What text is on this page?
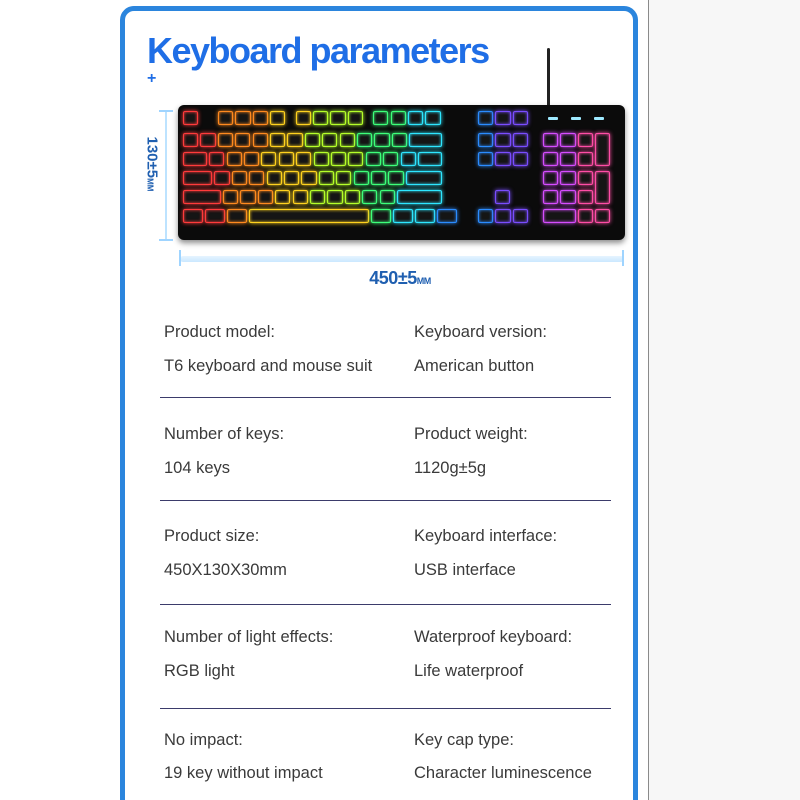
Keyboard parameters
+
130±5MM
450±5MM
Product model:
T6 keyboard and mouse suit
Keyboard version:
American button
Number of keys:
104 keys
Product weight:
1120g±5g
Product size:
450X130X30mm
Keyboard interface:
USB interface
Number of light effects:
RGB light
Waterproof keyboard:
Life waterproof
No impact:
19 key without impact
Key cap type:
Character luminescence
